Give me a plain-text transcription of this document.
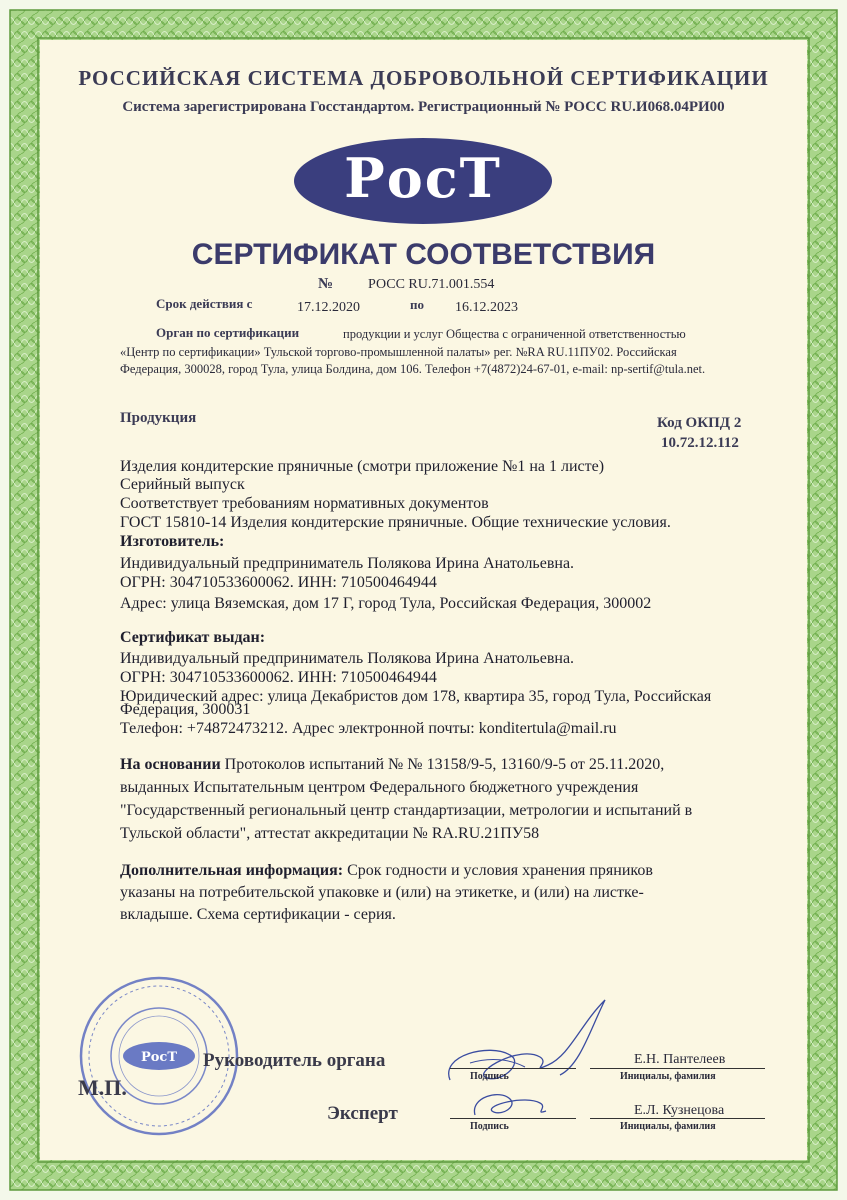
РОССИЙСКАЯ СИСТЕМА ДОБРОВОЛЬНОЙ СЕРТИФИКАЦИИ
Система зарегистрирована Госстандартом. Регистрационный № РОСС RU.И068.04РИ00
РосТ
СЕРТИФИКАТ СООТВЕТСТВИЯ
№ РОСС RU.71.001.554
Срок действия с	17.12.2020	по 16.12.2023
Орган по сертификации	продукции и услуг Общества с ограниченной ответственностью
«Центр по сертификации» Тульской торгово-промышленной палаты» рег. №RA RU.11ПУ02. Российская
Федерация, 300028, город Тула, улица Болдина, дом 106. Телефон +7(4872)24-67-01, e-mail: np-sertif@tula.net.
Продукция	Код ОКПД 2
10.72.12.112
Изделия кондитерские пряничные (смотри приложение №1 на 1 листе)
Серийный выпуск
Соответствует требованиям нормативных документов
ГОСТ 15810-14 Изделия кондитерские пряничные. Общие технические условия.
Изготовитель:
Индивидуальный предприниматель Полякова Ирина Анатольевна.
ОГРН: 304710533600062. ИНН: 710500464944
Адрес: улица Вяземская, дом 17 Г, город Тула, Российская Федерация, 300002
Сертификат выдан:
Индивидуальный предприниматель Полякова Ирина Анатольевна.
ОГРН: 304710533600062. ИНН: 710500464944
Юридический адрес: улица Декабристов дом 178, квартира 35, город Тула, Российская
Федерация, 300031
Телефон: +74872473212. Адрес электронной почты: konditertula@mail.ru
На основании Протоколов испытаний № № 13158/9-5, 13160/9-5 от 25.11.2020,
выданных Испытательным центром Федерального бюджетного учреждения
"Государственный региональный центр стандартизации, метрологии и испытаний в
Тульской области", аттестат аккредитации № RA.RU.21ПУ58
Дополнительная информация: Срок годности и условия хранения пряников
указаны на потребительской упаковке и (или) на этикетке, и (или) на листке-
вкладыше. Схема сертификации - серия.
РосТ
М.П.
Руководитель органа
Эксперт
Подпись
Е.Н. Пантелеев
Инициалы, фамилия
Подпись
Е.Л. Кузнецова
Инициалы, фамилия
